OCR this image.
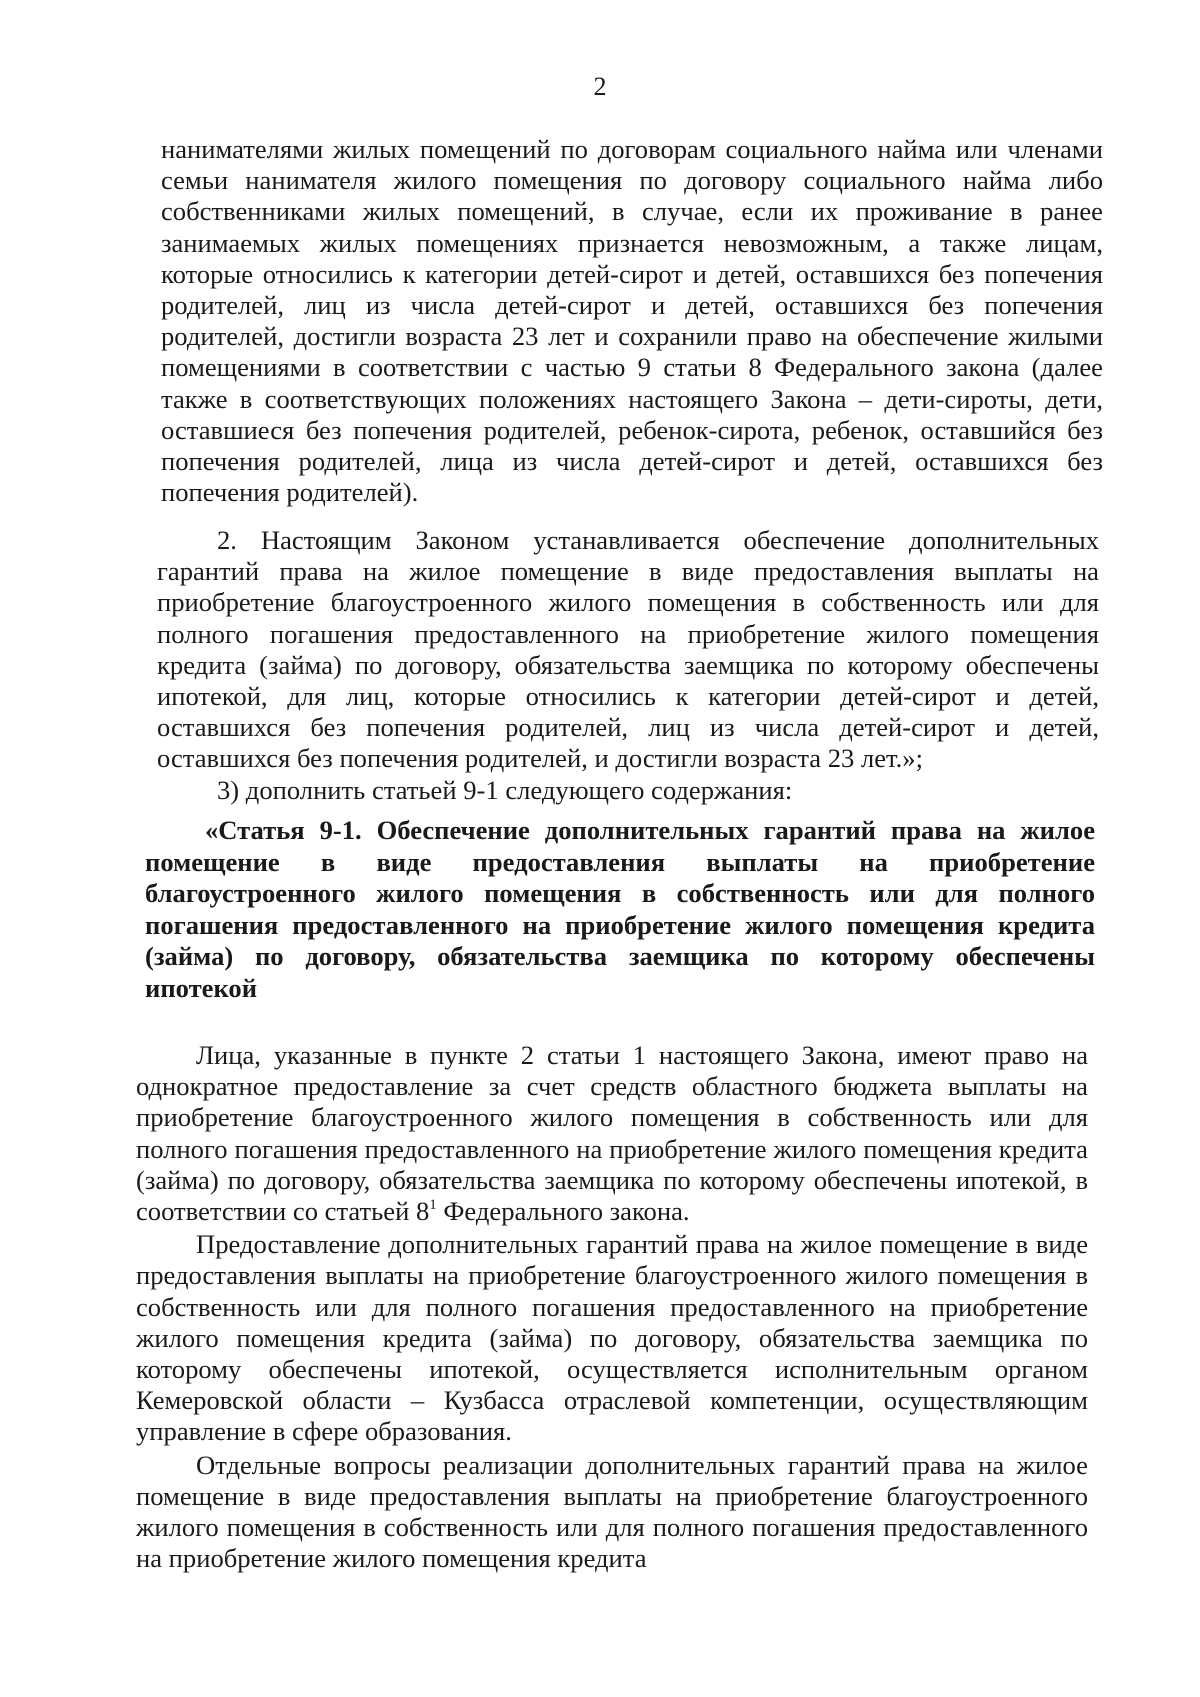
2

нанимателями жилых помещений по договорам социального найма или членами семьи нанимателя жилого помещения по договору социального найма либо собственниками жилых помещений, в случае, если их проживание в ранее занимаемых жилых помещениях признается невозможным, а также лицам, которые относились к категории детей-сирот и детей, оставшихся без попечения родителей, лиц из числа детей-сирот и детей, оставшихся без попечения родителей, достигли возраста 23 лет и сохранили право на обеспечение жилыми помещениями в соответствии с частью 9 статьи 8 Федерального закона (далее также в соответствующих положениях настоящего Закона – дети-сироты, дети, оставшиеся без попечения родителей, ребенок-сирота, ребенок, оставшийся без попечения родителей, лица из числа детей-сирот и детей, оставшихся без попечения родителей).

2. Настоящим Законом устанавливается обеспечение дополнительных гарантий права на жилое помещение в виде предоставления выплаты на приобретение благоустроенного жилого помещения в собственность или для полного погашения предоставленного на приобретение жилого помещения кредита (займа) по договору, обязательства заемщика по которому обеспечены ипотекой, для лиц, которые относились к категории детей-сирот и детей, оставшихся без попечения родителей, лиц из числа детей-сирот и детей, оставшихся без попечения родителей, и достигли возраста 23 лет.»;

3) дополнить статьей 9-1 следующего содержания:

«Статья 9-1. Обеспечение дополнительных гарантий права на жилое помещение в виде предоставления выплаты на приобретение благоустроенного жилого помещения в собственность или для полного погашения предоставленного на приобретение жилого помещения кредита (займа) по договору, обязательства заемщика по которому обеспечены ипотекой

Лица, указанные в пункте 2 статьи 1 настоящего Закона, имеют право на однократное предоставление за счет средств областного бюджета выплаты на приобретение благоустроенного жилого помещения в собственность или для полного погашения предоставленного на приобретение жилого помещения кредита (займа) по договору, обязательства заемщика по которому обеспечены ипотекой, в соответствии со статьей $8^1$ Федерального закона.

Предоставление дополнительных гарантий права на жилое помещение в виде предоставления выплаты на приобретение благоустроенного жилого помещения в собственность или для полного погашения предоставленного на приобретение жилого помещения кредита (займа) по договору, обязательства заемщика по которому обеспечены ипотекой, осуществляется исполнительным органом Кемеровской области – Кузбасса отраслевой компетенции, осуществляющим управление в сфере образования.

Отдельные вопросы реализации дополнительных гарантий права на жилое помещение в виде предоставления выплаты на приобретение благоустроенного жилого помещения в собственность или для полного погашения предоставленного на приобретение жилого помещения кредита
